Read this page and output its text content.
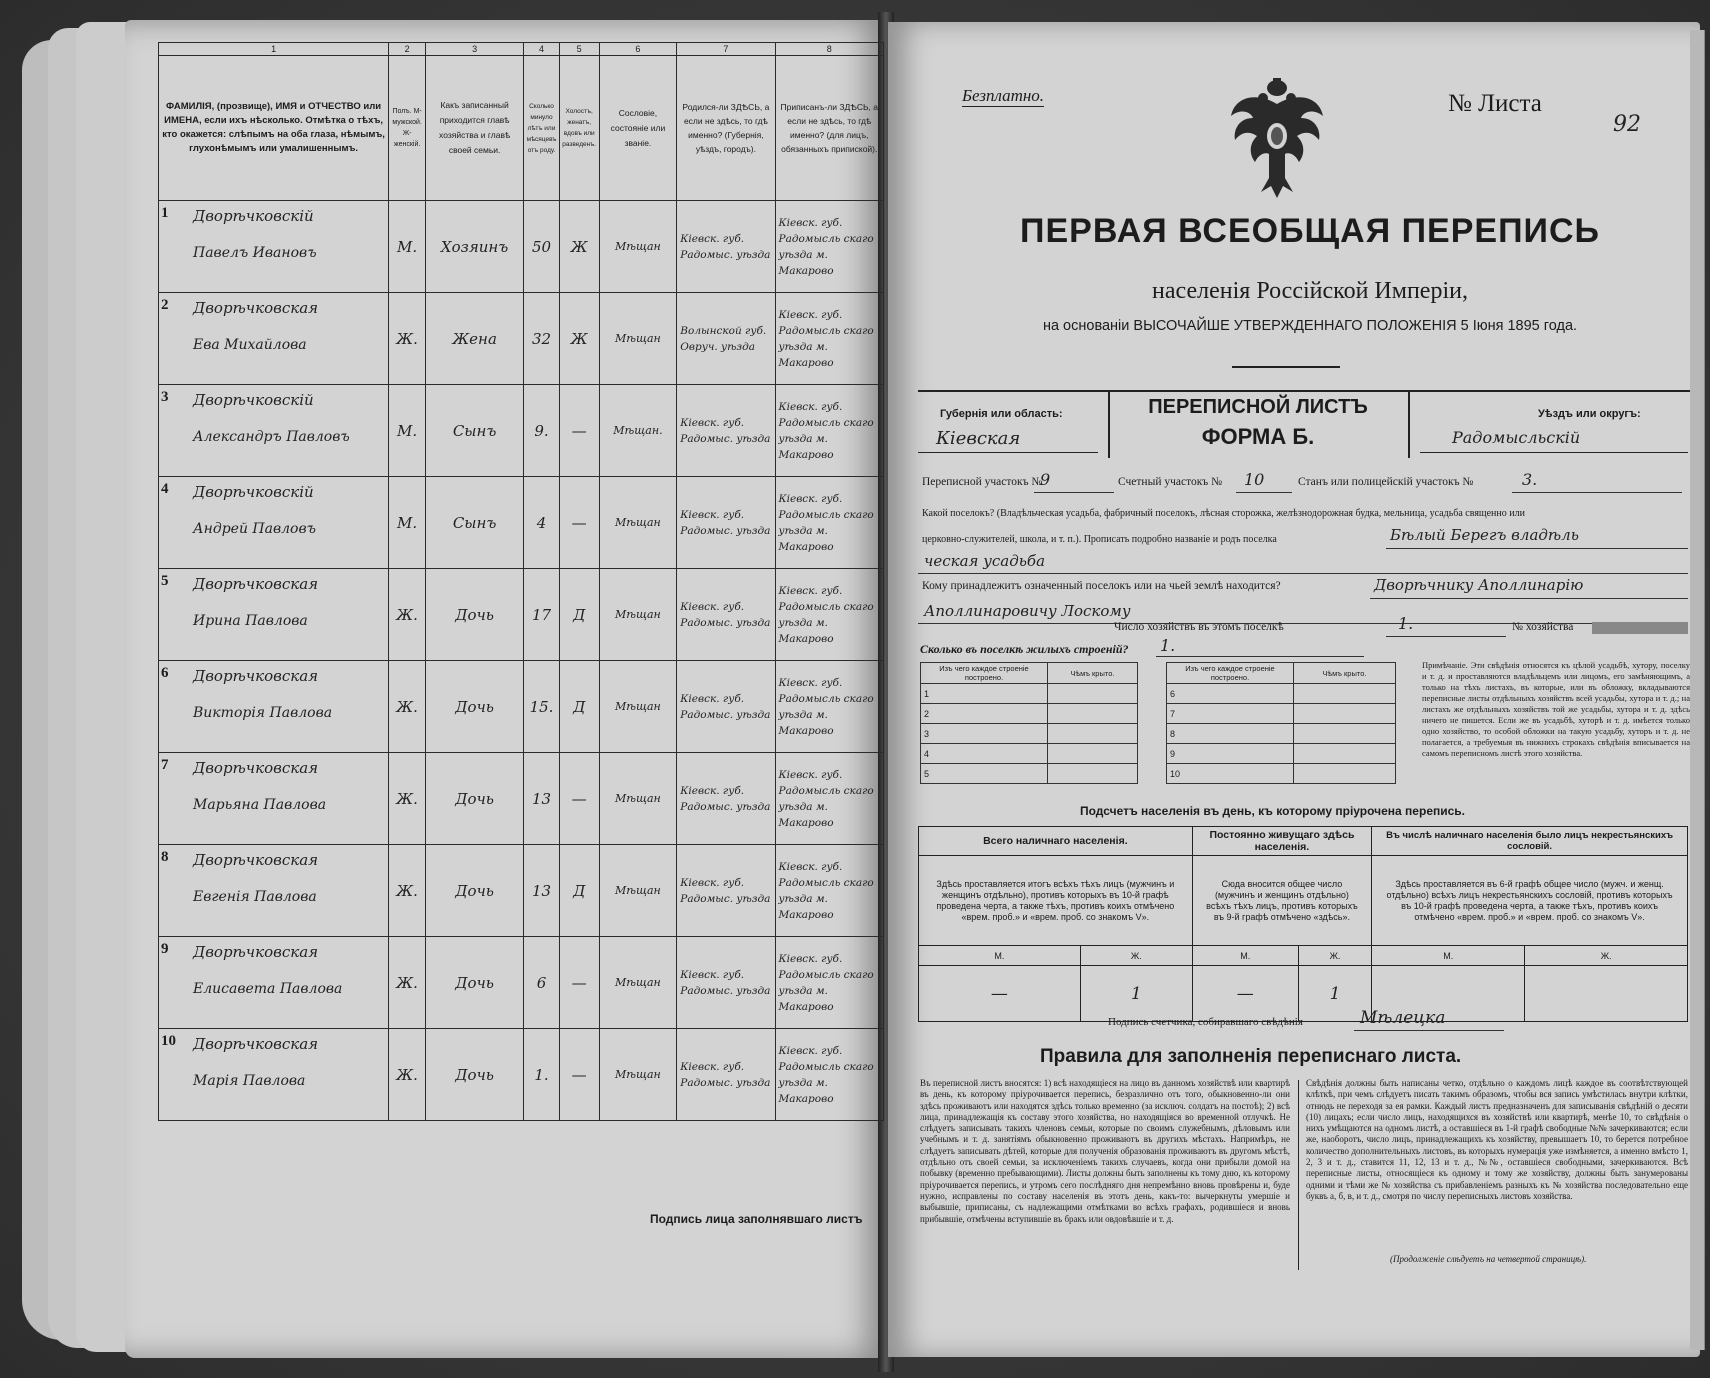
1	2	3	4	5	6	7	8
ФАМИЛІЯ, (прозвище), ИМЯ и ОТЧЕСТВО или ИМЕНА, если ихъ нѣсколько. Отмѣтка о тѣхъ, кто окажется: слѣпымъ на оба глаза, нѣмымъ, глухонѣмымъ или умалишеннымъ.	Полъ. М-мужской. Ж-женскій.	Какъ записанный приходится главѣ хозяйства и главѣ своей семьи.	Сколько минуло лѣтъ или мѣсяцевъ отъ роду.	Холостъ, женатъ, вдовъ или разведенъ.	Сословіе, состояніе или званіе.	Родился-ли ЗДѢСЬ, а если не здѣсь, то гдѣ именно? (Губернія, уѣздъ, городъ).	Приписанъ-ли ЗДѢСЬ, а если не здѣсь, то гдѣ именно? (для лицъ, обязанныхъ припиской).

1 Дворѣчковскій
Павелъ Ивановъ	М.	Хозяинъ	50	Ж	Мѣщан	Кіевск. губ. Радомыс. уѣзда	Кіевск. губ. Радомысль скаго уѣзда м. Макарово

2 Дворѣчковская
Ева Михайлова	Ж.	Жена	32	Ж	Мѣщан	Волынской губ. Овруч. уѣзда	Кіевск. губ. Радомысль скаго уѣзда м. Макарово

3 Дворѣчковскій
Александръ Павловъ	М.	Сынъ	9.	—	Мѣщан.	Кіевск. губ. Радомыс. уѣзда	Кіевск. губ. Радомысль скаго уѣзда м. Макарово

4 Дворѣчковскій
Андрей Павловъ	М.	Сынъ	4	—	Мѣщан	Кіевск. губ. Радомыс. уѣзда	Кіевск. губ. Радомысль скаго уѣзда м. Макарово

5 Дворѣчковская
Ирина Павлова	Ж.	Дочь	17	Д	Мѣщан	Кіевск. губ. Радомыс. уѣзда	Кіевск. губ. Радомысль скаго уѣзда м. Макарово

6 Дворѣчковская
Викторія Павлова	Ж.	Дочь	15.	Д	Мѣщан	Кіевск. губ. Радомыс. уѣзда	Кіевск. губ. Радомысль скаго уѣзда м. Макарово

7 Дворѣчковская
Марьяна Павлова	Ж.	Дочь	13	—	Мѣщан	Кіевск. губ. Радомыс. уѣзда	Кіевск. губ. Радомысль скаго уѣзда м. Макарово

8 Дворѣчковская
Евгенія Павлова	Ж.	Дочь	13	Д	Мѣщан	Кіевск. губ. Радомыс. уѣзда	Кіевск. губ. Радомысль скаго уѣзда м. Макарово

9 Дворѣчковская
Елисавета Павлова	Ж.	Дочь	6	—	Мѣщан	Кіевск. губ. Радомыс. уѣзда	Кіевск. губ. Радомысль скаго уѣзда м. Макарово

10 Дворѣчковская
Марія Павлова	Ж.	Дочь	1.	—	Мѣщан	Кіевск. губ. Радомыс. уѣзда	Кіевск. губ. Радомысль скаго уѣзда м. Макарово
Подпись лица заполнявшаго листъ
Безплатно.	№ Листа
92
ПЕРВАЯ ВСЕОБЩАЯ ПЕРЕПИСЬ
населенія Россійской Имперіи,
на основаніи ВЫСОЧАЙШЕ УТВЕРЖДЕННАГО ПОЛОЖЕНІЯ 5 Іюня 1895 года.
Губернія или область:
Кіевская
ПЕРЕПИСНОЙ ЛИСТЪ
ФОРМА Б.
Уѣздъ или округъ:
Радомысльскій
Переписной участокъ №
9	Счетный участокъ № 10	Станъ или полицейскій участокъ №	3.
Какой поселокъ? (Владѣльческая усадьба, фабричный поселокъ, лѣсная сторожка, желѣзнодорожная будка, мельница, усадьба священно или
церковно-служителей, школа, и т. п.). Прописать подробно названіе и родъ поселка	Бѣлый Берегъ владѣль
ческая усадьба
Кому принадлежитъ означенный поселокъ или на чьей землѣ находится?	Дворѣчнику Аполлинарію
Аполлинаровичу Лоскому
Число хозяйствъ въ этомъ поселкѣ	1.	№ хозяйства
Сколько въ поселкѣ жилыхъ строеній? 1.
Изъ чего каждое строеніе построено.	Чѣмъ крыто.
1	
2	
3	
4	
5	
Изъ чего каждое строеніе построено.	Чѣмъ крыто.
6	
7	
8	
9	
10	
Примѣчаніе. Эти свѣдѣнія относятся къ цѣлой усадьбѣ, хутору, поселку и т. д. и проставляются владѣльцемъ или лицомъ, его замѣняющимъ, а только на тѣхъ листахъ, въ которые, или въ обложку, вкладываются переписные листы отдѣльныхъ хозяйствъ всей усадьбы, хутора и т. д.; на листахъ же отдѣльныхъ хозяйствъ той же усадьбы, хутора и т. д. здѣсь ничего не пишется. Если же въ усадьбѣ, хуторѣ и т. д. имѣется только одно хозяйство, то особой обложки на такую усадьбу, хуторъ и т. д. не полагается, а требуемыя въ нижнихъ строкахъ свѣдѣнія вписывается на самомъ переписномъ листѣ этого хозяйства.
Подсчетъ населенія въ день, къ которому пріурочена перепись.
Всего наличнаго населенія.		Постоянно живущаго здѣсь населенія.		Въ числѣ наличнаго населенія было лицъ некрестьянскихъ сословій.	
Здѣсь проставляется итогъ всѣхъ тѣхъ лицъ (мужчинъ и женщинъ отдѣльно), противъ которыхъ въ 10-й графѣ проведена черта, а также тѣхъ, противъ коихъ отмѣчено «врем. проб.» и «врем. проб. со знакомъ V».		Сюда вносится общее число (мужчинъ и женщинъ отдѣльно) всѣхъ тѣхъ лицъ, противъ которыхъ въ 9-й графѣ отмѣчено «здѣсь».		Здѣсь проставляется въ 6-й графѣ общее число (мужч. и женщ. отдѣльно) всѣхъ лицъ некрестьянскихъ сословій, противъ которыхъ въ 10-й графѣ проведена черта, а также тѣхъ, противъ коихъ отмѣчено «врем. проб.» и «врем. проб. со знакомъ V».	
М.	Ж.	М.	Ж.	М.	Ж.
—	1	—	1		
Подпись счетчика, собиравшаго свѣдѣнія	Мѣлецка
Правила для заполненія переписнаго листа.
Въ переписной листъ вносятся: 1) всѣ находящіеся на лицо въ данномъ хозяйствѣ или квартирѣ въ день, къ которому пріурочивается перепись, безразлично отъ того, обыкновенно-ли они здѣсь проживаютъ или находятся здѣсь только временно (за исключ. солдатъ на постоѣ); 2) всѣ лица, принадлежащія къ составу этого хозяйства, но находящіяся во временной отлучкѣ. Не слѣдуетъ записывать такихъ членовъ семьи, которые по своимъ служебнымъ, дѣловымъ или учебнымъ и т. д. занятіямъ обыкновенно проживаютъ въ другихъ мѣстахъ. Напримѣръ, не слѣдуетъ записывать дѣтей, которые для полученія образованія проживаютъ въ другомъ мѣстѣ, отдѣльно отъ своей семьи, за исключеніемъ такихъ случаевъ, когда они прибыли домой на побывку (временно пребывающими). Листы должны быть заполнены къ тому дню, къ которому пріурочивается перепись, и утромъ сего послѣдняго дня непремѣнно вновь провѣрены и, буде нужно, исправлены по составу населенія въ этотъ день, какъ-то: вычеркнуты умершіе и выбывшіе, приписаны, съ надлежащими отмѣтками во всѣхъ графахъ, родившіеся и вновь прибывшіе, отмѣчены вступившіе въ бракъ или овдовѣвшіе и т. д.
Свѣдѣнія должны быть написаны четко, отдѣльно о каждомъ лицѣ каждое въ соотвѣтствующей клѣткѣ, при чемъ слѣдуетъ писать такимъ образомъ, чтобы вся запись умѣстилась внутри клѣтки, отнюдь не переходя за ея рамки. Каждый листъ предназначенъ для записыванія свѣдѣній о десяти (10) лицахъ; если число лицъ, находящихся въ хозяйствѣ или квартирѣ, менѣе 10, то свѣдѣнія о нихъ умѣщаются на одномъ листѣ, а оставшіеся въ 1-й графѣ свободные №№ зачеркиваются; если же, наоборотъ, число лицъ, принадлежащихъ къ хозяйству, превышаетъ 10, то берется потребное количество дополнительныхъ листовъ, въ которыхъ нумерація уже измѣняется, а именно вмѣсто 1, 2, 3 и т. д., ставится 11, 12, 13 и т. д., №№, оставшіеся свободными, зачеркиваются. Всѣ переписные листы, относящіеся къ одному и тому же хозяйству, должны быть занумерованы одними и тѣми же № хозяйства съ прибавленіемъ разныхъ къ № хозяйства последовательно еще буквъ а, б, в, и т. д., смотря по числу переписныхъ листовъ хозяйства.
(Продолженіе слѣдуетъ на четвертой страницѣ).
